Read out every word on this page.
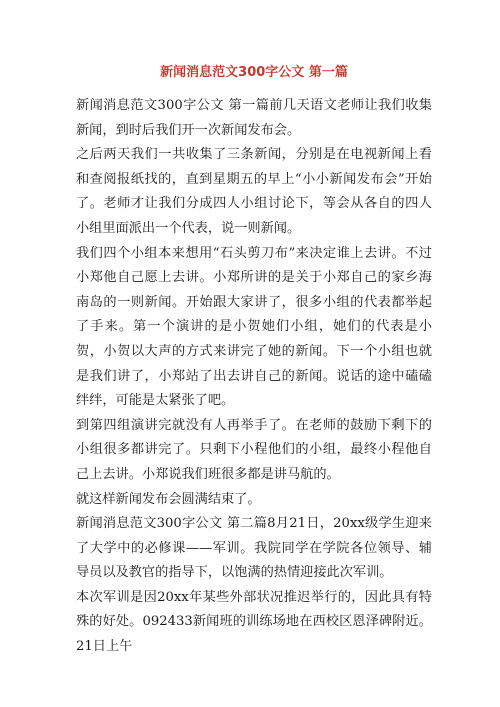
新闻消息范文300字公文 第一篇

新闻消息范文300字公文 第一篇前几天语文老师让我们收集新闻，到时后我们开一次新闻发布会。

之后两天我们一共收集了三条新闻，分别是在电视新闻上看和查阅报纸找的，直到星期五的早上“小小新闻发布会”开始了。老师才让我们分成四人小组讨论下，等会从各自的四人小组里面派出一个代表，说一则新闻。

我们四个小组本来想用“石头剪刀布”来决定谁上去讲。不过小郑他自己愿上去讲。小郑所讲的是关于小郑自己的家乡海南岛的一则新闻。开始跟大家讲了，很多小组的代表都举起了手来。第一个演讲的是小贺她们小组，她们的代表是小贺，小贺以大声的方式来讲完了她的新闻。下一个小组也就是我们讲了，小郑站了出去讲自己的新闻。说话的途中磕磕绊绊，可能是太紧张了吧。

到第四组演讲完就没有人再举手了。在老师的鼓励下剩下的小组很多都讲完了。只剩下小程他们的小组，最终小程他自己上去讲。小郑说我们班很多都是讲马航的。

就这样新闻发布会圆满结束了。

新闻消息范文300字公文 第二篇8月21日，20xx级学生迎来了大学中的必修课——军训。我院同学在学院各位领导、辅导员以及教官的指导下，以饱满的热情迎接此次军训。

本次军训是因20xx年某些外部状况推迟举行的，因此具有特殊的好处。092433新闻班的训练场地在西校区恩泽碑附近。21日上午
